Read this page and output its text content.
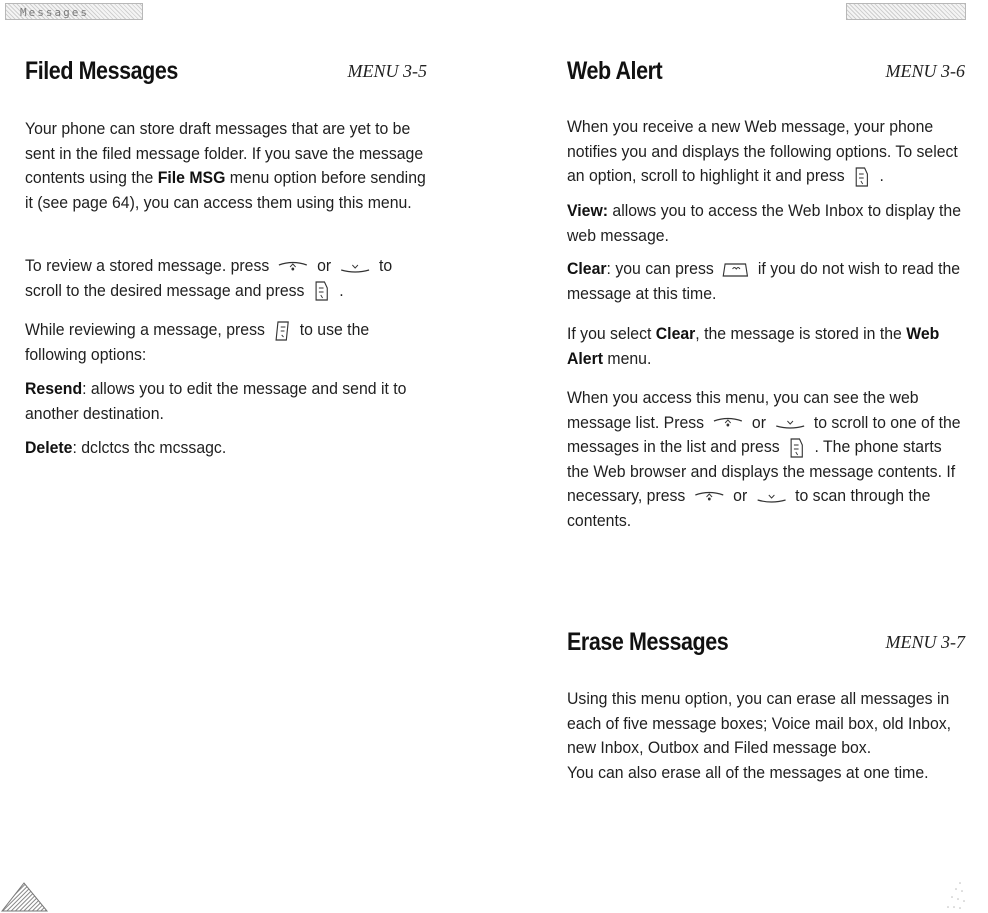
Messages
Filed Messages	MENU 3-5

Your phone can store draft messages that are yet to be sent in the filed message folder. If you save the message contents using the File MSG menu option before sending it (see page 64), you can access them using this menu.

To review a stored message. press
or
to scroll to the desired message and press
.

While reviewing a message, press
to use the following options:

Resend: allows you to edit the message and send it to another destination.

Delete: dclctcs thc mcssagc.

Web Alert	MENU 3-6

When you receive a new Web message, your phone notifies you and displays the following options. To select an option, scroll to highlight it and press
.

View: allows you to access the Web Inbox to display the web message.

Clear: you can press
if you do not wish to read the message at this time.

If you select Clear, the message is stored in the Web Alert menu.

When you access this menu, you can see the web message list. Press
or
to scroll to one of the messages in the list and press
. The phone starts the Web browser and displays the message contents. If necessary, press
or
to scan through the contents.

Erase Messages	MENU 3-7

Using this menu option, you can erase all messages in each of five message boxes; Voice mail box, old Inbox, new Inbox, Outbox and Filed message box.

You can also erase all of the messages at one time.
